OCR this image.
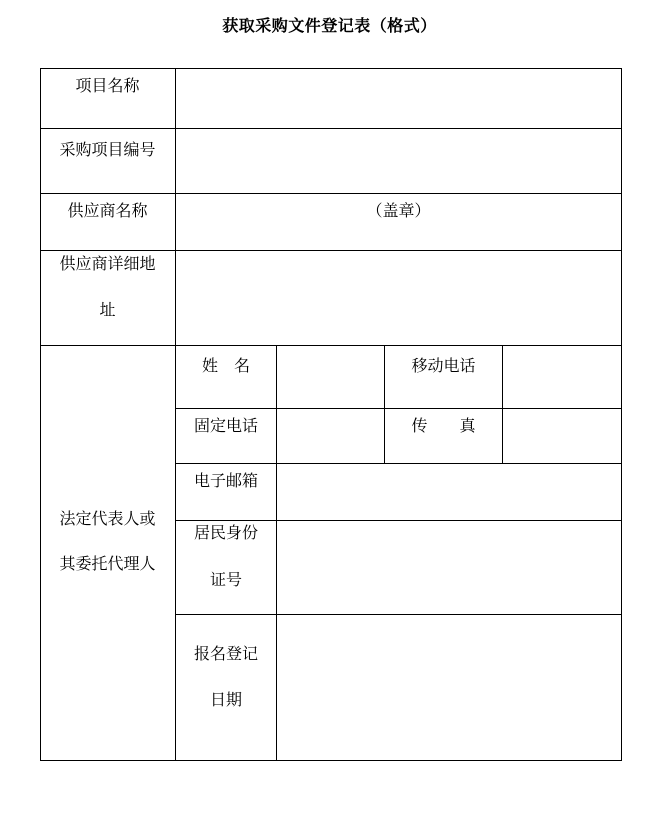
获取采购文件登记表（格式）
项目名称
采购项目编号
供应商名称	（盖章）
供应商详细地
址
法定代表人或
其委托代理人
姓　名	移动电话
固定电话	传　　真
电子邮箱
居民身份
证号
报名登记
日期
